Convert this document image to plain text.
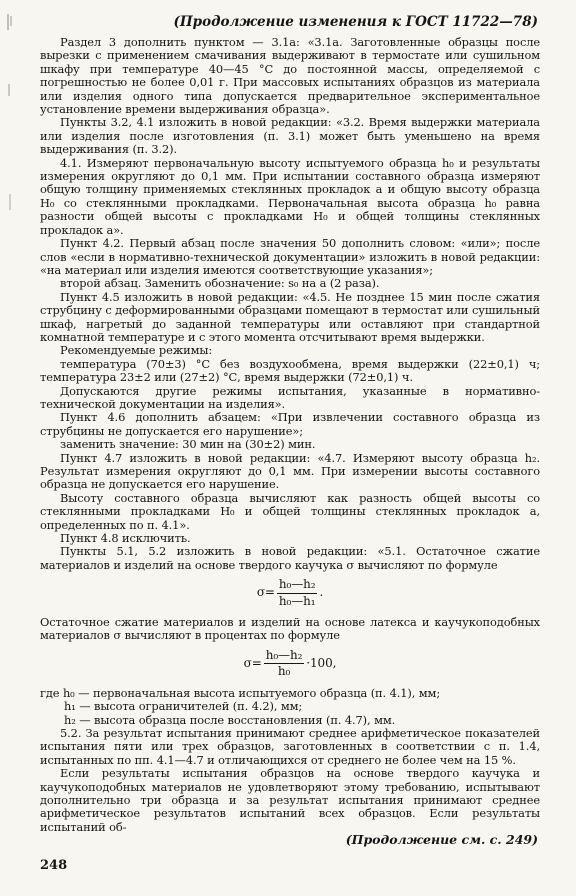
(Продолжение изменения к ГОСТ 11722—78)

Раздел 3 дополнить пунктом — 3.1а: «3.1а. Заготовленные образцы после вырезки с применением смачивания выдерживают в термостате или сушильном шкафу при температуре 40—45 °С до постоянной массы, определяемой с погрешностью не более 0,01 г. При массовых испытаниях образцов из материала или изделия одного типа допускается предварительное экспериментальное установление времени выдерживания образца».

Пункты 3.2, 4.1 изложить в новой редакции: «3.2. Время выдержки материала или изделия после изготовления (п. 3.1) может быть уменьшено на время выдерживания (п. 3.2).

4.1. Измеряют первоначальную высоту испытуемого образца h₀ и результаты измерения округляют до 0,1 мм. При испытании составного образца измеряют общую толщину применяемых стеклянных прокладок a и общую высоту образца H₀ со стеклянными прокладками. Первоначальная высота образца h₀ равна разности общей высоты с прокладками H₀ и общей толщины стеклянных прокладок a».

Пункт 4.2. Первый абзац после значения 50 дополнить словом: «или»; после слов «если в нормативно-технической документации» изложить в новой редакции: «на материал или изделия имеются соответствующие указания»;

второй абзац. Заменить обозначение: s₀ на a (2 раза).

Пункт 4.5 изложить в новой редакции: «4.5. Не позднее 15 мин после сжатия струбцину с деформированными образцами помещают в термостат или сушильный шкаф, нагретый до заданной температуры или оставляют при стандартной комнатной температуре и с этого момента отсчитывают время выдержки.

Рекомендуемые режимы:

температура (70±3) °С без воздухообмена, время выдержки (22±0,1) ч; температура 23±2 или (27±2) °С, время выдержки (72±0,1) ч.

Допускаются другие режимы испытания, указанные в нормативно-технической документации на изделия».

Пункт 4.6 дополнить абзацем: «При извлечении составного образца из струбцины не допускается его нарушение»;

заменить значение: 30 мин на (30±2) мин.

Пункт 4.7 изложить в новой редакции: «4.7. Измеряют высоту образца h₂. Результат измерения округляют до 0,1 мм. При измерении высоты составного образца не допускается его нарушение.

Высоту составного образца вычисляют как разность общей высоты со стеклянными прокладками H₀ и общей толщины стеклянных прокладок a, определенных по п. 4.1».

Пункт 4.8 исключить.

Пункты 5.1, 5.2 изложить в новой редакции: «5.1. Остаточное сжатие материалов и изделий на основе твердого каучука σ вычисляют по формуле

$\sigma= \frac{\text{h₀—h₂}}{\text{h₀—h₁}}$ .

Остаточное сжатие материалов и изделий на основе латекса и каучукоподобных материалов σ вычисляют в процентах по формуле

$\sigma= \frac{\text{h₀—h₂}}{\text{h₀}} \cdot 100$,

где h₀ — первоначальная высота испытуемого образца (п. 4.1), мм;

h₁ — высота ограничителей (п. 4.2), мм;

h₂ — высота образца после восстановления (п. 4.7), мм.

5.2. За результат испытания принимают среднее арифметическое показателей испытания пяти или трех образцов, заготовленных в соответствии с п. 1.4, испытанных по пп. 4.1—4.7 и отличающихся от среднего не более чем на 15 %.

Если результаты испытания образцов на основе твердого каучука и каучукоподобных материалов не удовлетворяют этому требованию, испытывают дополнительно три образца и за результат испытания принимают среднее арифметическое результатов испытаний всех образцов. Если результаты испытаний об-

(Продолжение см. с. 249)
248
